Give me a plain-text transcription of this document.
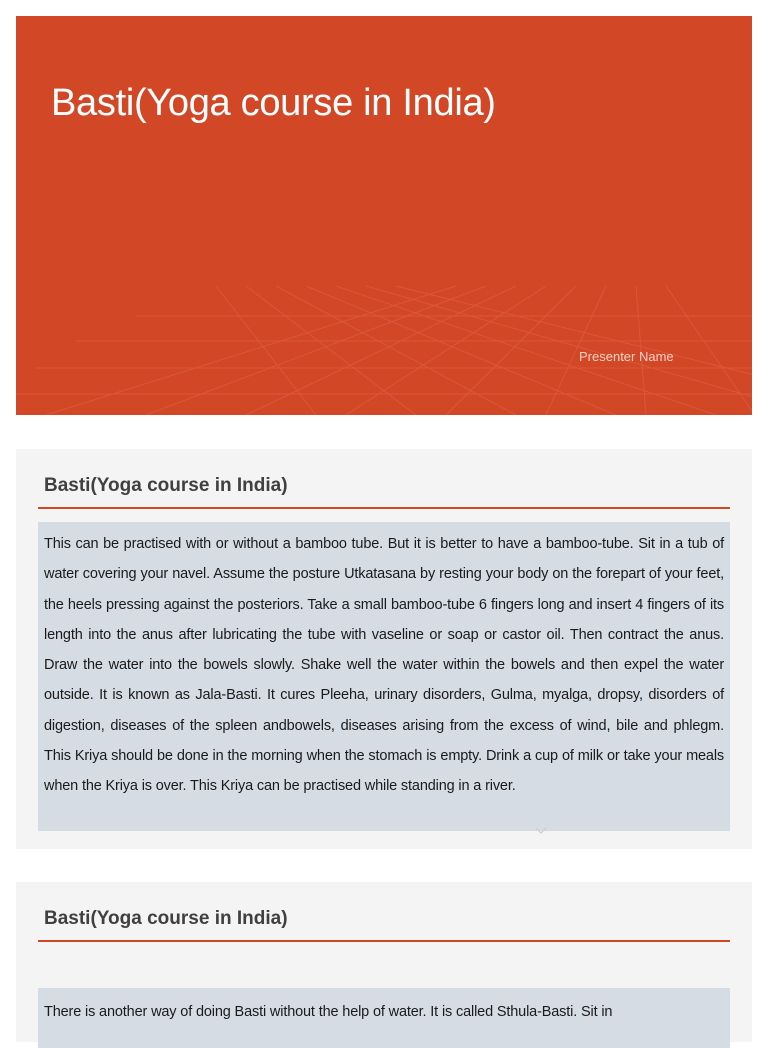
Basti(Yoga course in India)
Presenter Name
Basti(Yoga course in India)
This can be practised with or without a bamboo tube. But it is better to have a bamboo-tube. Sit in a tub of water covering your navel. Assume the posture Utkatasana by resting your body on the forepart of your feet, the heels pressing against the posteriors. Take a small bamboo-tube 6 fingers long and insert 4 fingers of its length into the anus after lubricating the tube with vaseline or soap or castor oil. Then contract the anus. Draw the water into the bowels slowly. Shake well the water within the bowels and then expel the water outside. It is known as Jala-Basti. It cures Pleeha, urinary disorders, Gulma, myalga, dropsy, disorders of digestion, diseases of the spleen andbowels, diseases arising from the excess of wind, bile and phlegm. This Kriya should be done in the morning when the stomach is empty. Drink a cup of milk or take your meals when the Kriya is over. This Kriya can be practised while standing in a river.
Basti(Yoga course in India)
There is another way of doing Basti without the help of water. It is called Sthula-Basti. Sit in
